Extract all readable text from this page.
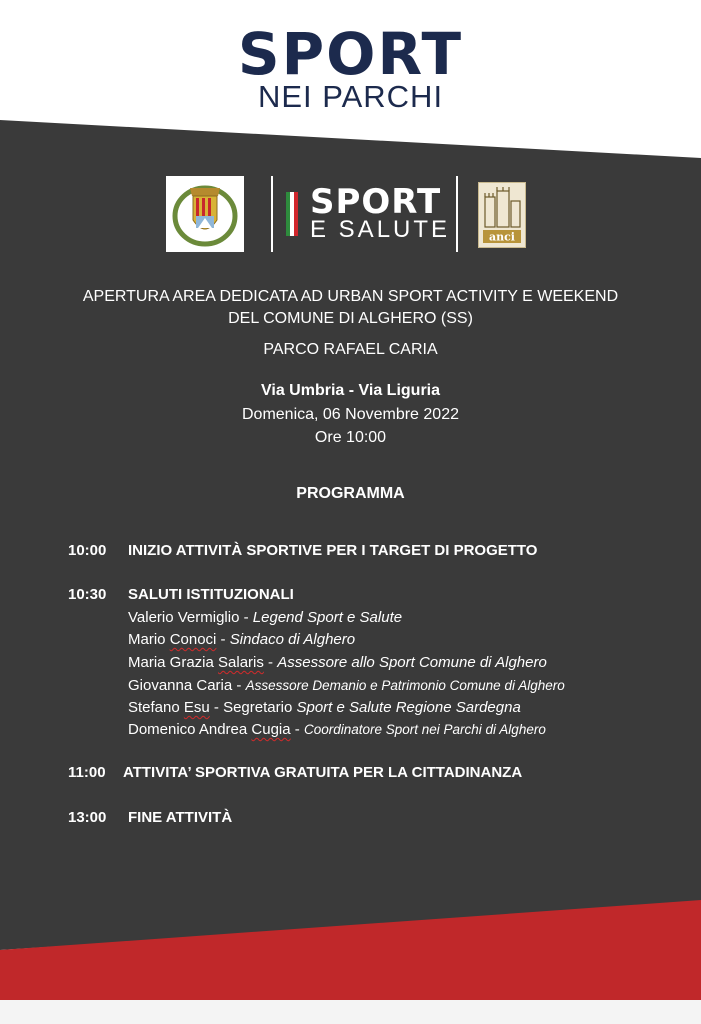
SPORT
NEI PARCHI
SPORT
E SALUTE	anci
APERTURA AREA DEDICATA AD URBAN SPORT ACTIVITY E WEEKEND
DEL COMUNE DI ALGHERO (SS)
PARCO RAFAEL CARIA
Via Umbria - Via Liguria
Domenica, 06 Novembre 2022
Ore 10:00
PROGRAMMA
10:00 INIZIO ATTIVITÀ SPORTIVE PER I TARGET DI PROGETTO
10:30 SALUTI ISTITUZIONALI
Valerio Vermiglio - Legend Sport e Salute
Mario Conoci - Sindaco di Alghero
Maria Grazia Salaris - Assessore allo Sport Comune di Alghero
Giovanna Caria - Assessore Demanio e Patrimonio Comune di Alghero
Stefano Esu - Segretario Sport e Salute Regione Sardegna
Domenico Andrea Cugia - Coordinatore Sport nei Parchi di Alghero
11:00 ATTIVITA’ SPORTIVA GRATUITA PER LA CITTADINANZA
13:00 FINE ATTIVITÀ
